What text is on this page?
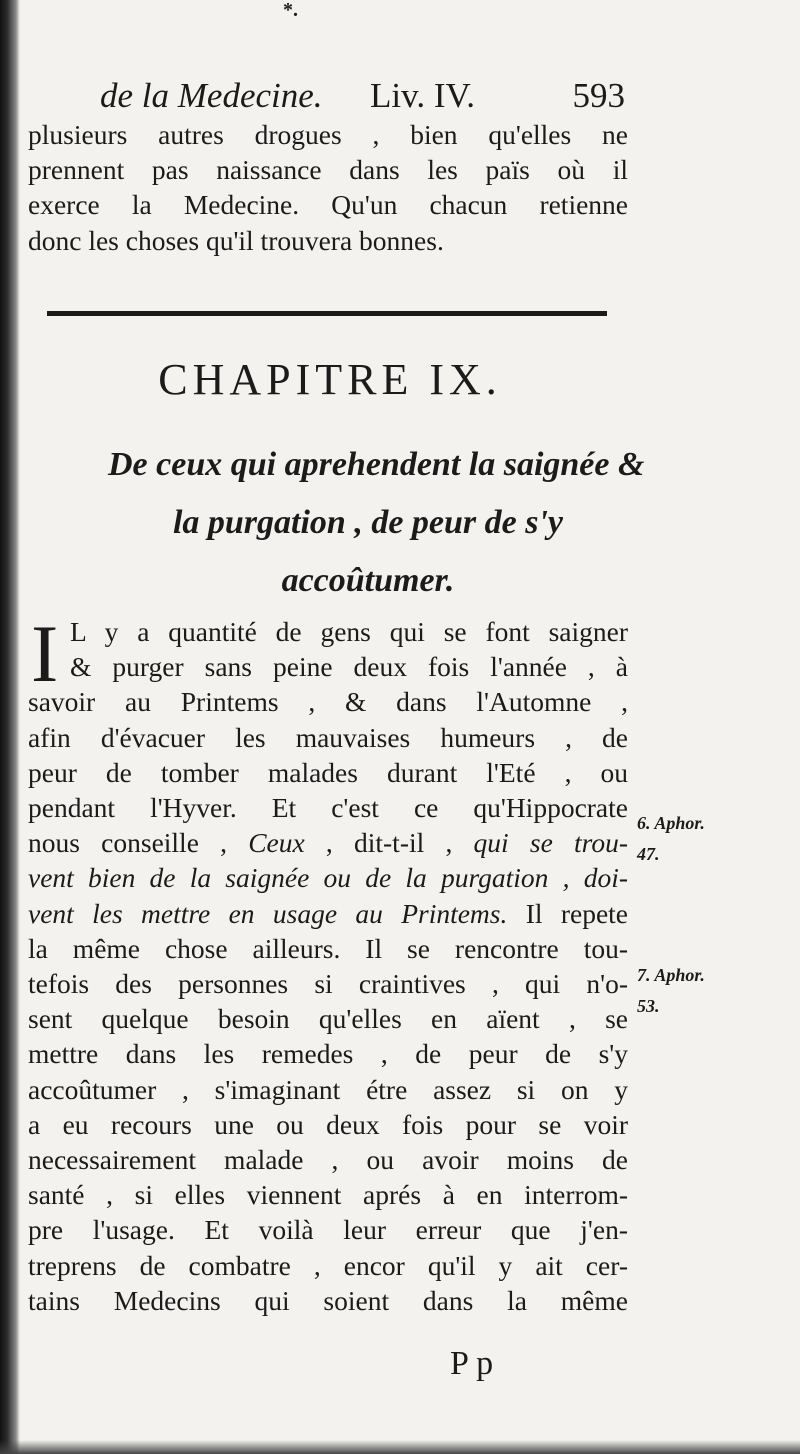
*.
de la Medecine. Liv. IV.	593

plusieurs autres drogues , bien qu'elles ne
prennent pas naissance dans les païs où il
exerce la Medecine. Qu'un chacun retienne
donc les choses qu'il trouvera bonnes.

CHAPITRE IX.

De ceux qui aprehendent la saignée &
la purgation , de peur de s'y
accoûtumer.

I L y a quantité de gens qui se font saigner
& purger sans peine deux fois l'année , à
savoir au Printems , & dans l'Automne ,
afin d'évacuer les mauvaises humeurs , de
peur de tomber malades durant l'Eté , ou
pendant l'Hyver. Et c'est ce qu'Hippocrate
nous conseille , Ceux , dit-t-il , qui se trou-
vent bien de la saignée ou de la purgation , doi-
vent les mettre en usage au Printems. Il repete
la même chose ailleurs. Il se rencontre tou-
tefois des personnes si craintives , qui n'o-
sent quelque besoin qu'elles en aïent , se
mettre dans les remedes , de peur de s'y
accoûtumer , s'imaginant étre assez si on y
a eu recours une ou deux fois pour se voir
necessairement malade , ou avoir moins de
santé , si elles viennent aprés à en interrom-
pre l'usage. Et voilà leur erreur que j'en-
treprens de combatre , encor qu'il y ait cer-
tains Medecins qui soient dans la même

6. Aphor.
47.
7. Aphor.
53.
P p
